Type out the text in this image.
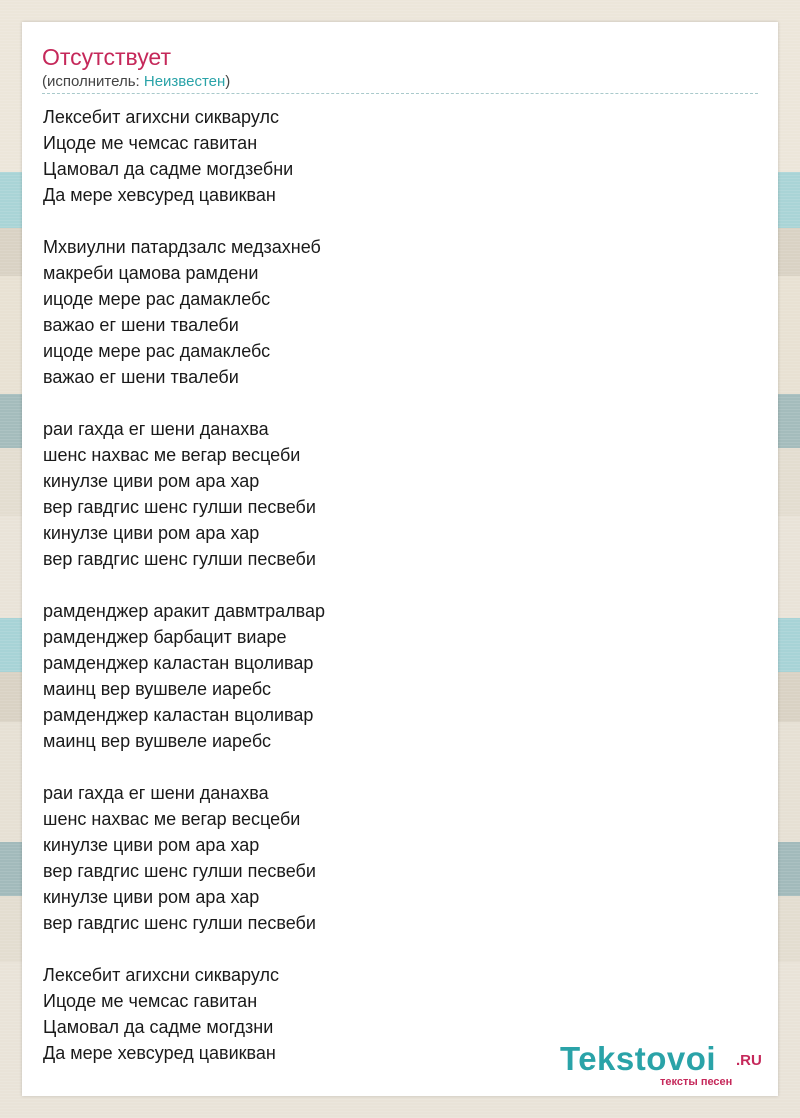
Отсутствует
(исполнитель: Неизвестен)
Лексебит агихсни сикварулс
Ицоде ме чемсас гавитан
Цамовал да садме могдзебни
Да мере хевсуред цавикван
Мхвиулни патардзалс медзахнеб
макреби цамова рамдени
ицоде мере рас дамаклебс
важао ег шени твалеби
ицоде мере рас дамаклебс
важао ег шени твалеби
раи гахда ег шени данахва
шенс нахвас ме вегар весцеби
кинулзе циви ром ара хар
вер гавдгис шенс гулши песвеби
кинулзе циви ром ара хар
вер гавдгис шенс гулши песвеби
рамденджер аракит давмтралвар
рамденджер барбацит виаре
рамденджер каластан вцоливар
маинц вер вушвеле иаребс
рамденджер каластан вцоливар
маинц вер вушвеле иаребс
раи гахда ег шени данахва
шенс нахвас ме вегар весцеби
кинулзе циви ром ара хар
вер гавдгис шенс гулши песвеби
кинулзе циви ром ара хар
вер гавдгис шенс гулши песвеби
Лексебит агихсни сикварулс
Ицоде ме чемсас гавитан
Цамовал да садме могдзни
Да мере хевсуред цавикван	Tekstovoi .RU
тексты песен
